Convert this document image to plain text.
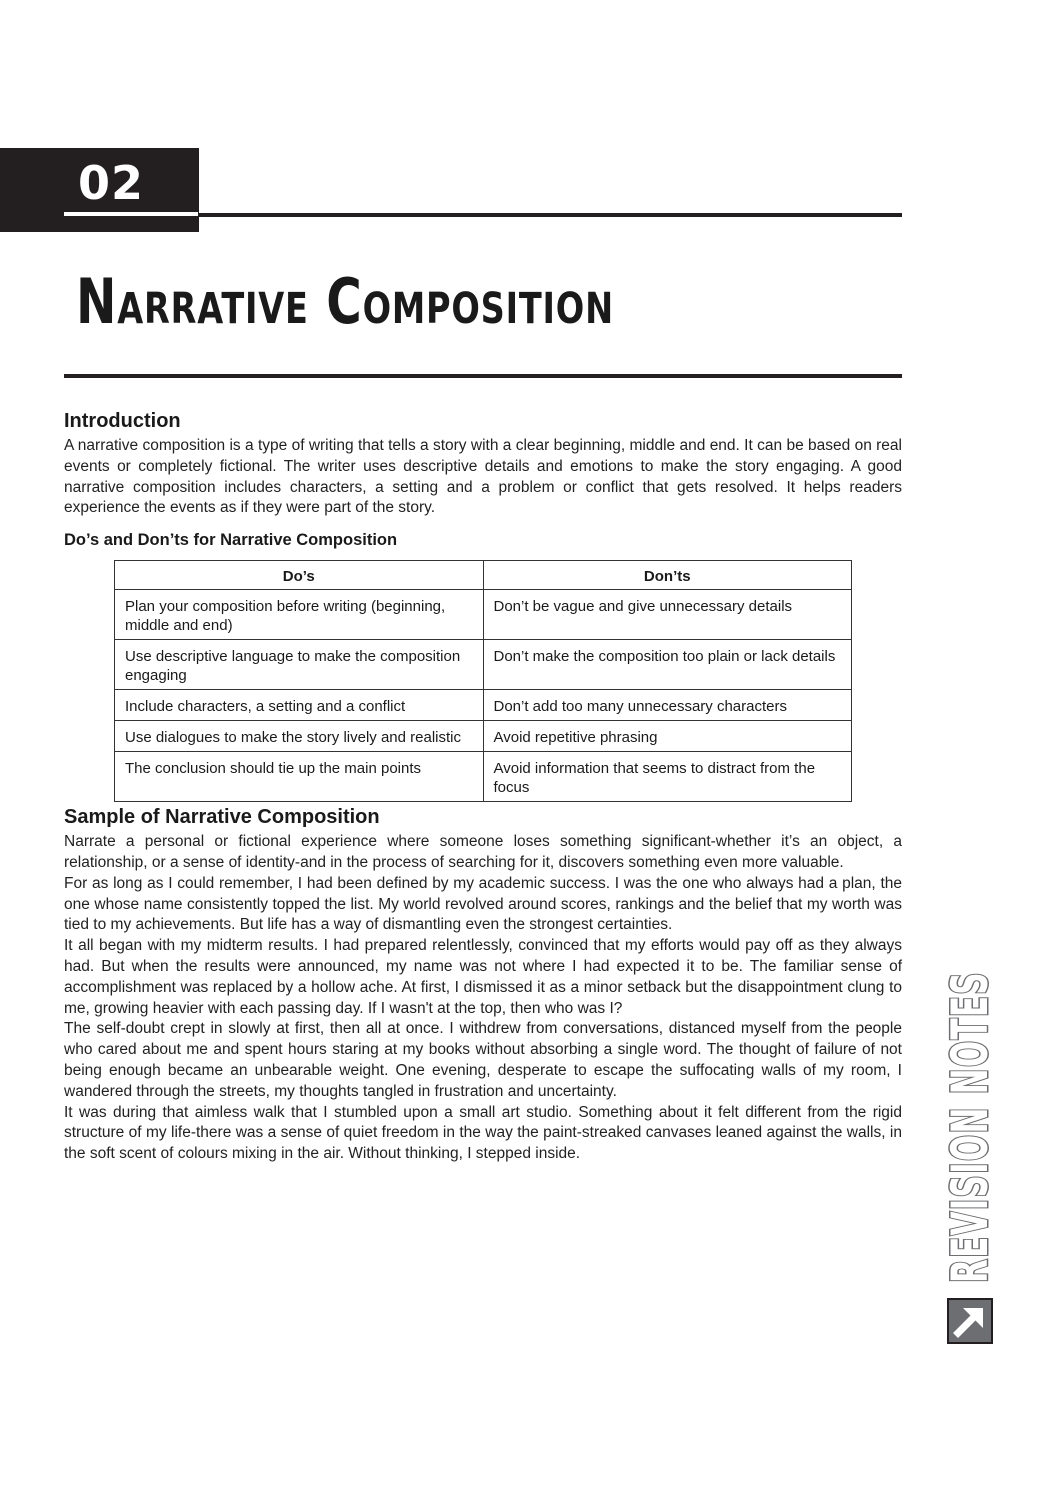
02
Narrative Composition
Introduction

A narrative composition is a type of writing that tells a story with a clear beginning, middle and end. It can be based on real events or completely fictional. The writer uses descriptive details and emotions to make the story engaging. A good narrative composition includes characters, a setting and a problem or conflict that gets resolved. It helps readers experience the events as if they were part of the story.

Do’s and Don’ts for Narrative Composition
Do’s	Don’ts
Plan your composition before writing (beginning, middle and end)	Don’t be vague and give unnecessary details
Use descriptive language to make the composition engaging	Don’t make the composition too plain or lack details
Include characters, a setting and a conflict	Don’t add too many unnecessary characters
Use dialogues to make the story lively and realistic	Avoid repetitive phrasing
The conclusion should tie up the main points	Avoid information that seems to distract from the focus
Sample of Narrative Composition

Narrate a personal or fictional experience where someone loses something significant-whether it’s an object, a relationship, or a sense of identity-and in the process of searching for it, discovers something even more valuable.

For as long as I could remember, I had been defined by my academic success. I was the one who always had a plan, the one whose name consistently topped the list. My world revolved around scores, rankings and the belief that my worth was tied to my achievements. But life has a way of dismantling even the strongest certainties.

It all began with my midterm results. I had prepared relentlessly, convinced that my efforts would pay off as they always had. But when the results were announced, my name was not where I had expected it to be. The familiar sense of accomplishment was replaced by a hollow ache. At first, I dismissed it as a minor setback but the disappointment clung to me, growing heavier with each passing day. If I wasn't at the top, then who was I?

The self-doubt crept in slowly at first, then all at once. I withdrew from conversations, distanced myself from the people who cared about me and spent hours staring at my books without absorbing a single word. The thought of failure of not being enough became an unbearable weight. One evening, desperate to escape the suffocating walls of my room, I wandered through the streets, my thoughts tangled in frustration and uncertainty.

It was during that aimless walk that I stumbled upon a small art studio. Something about it felt different from the rigid structure of my life-there was a sense of quiet freedom in the way the paint-streaked canvases leaned against the walls, in the soft scent of colours mixing in the air. Without thinking, I stepped inside.	REVISION NOTES
